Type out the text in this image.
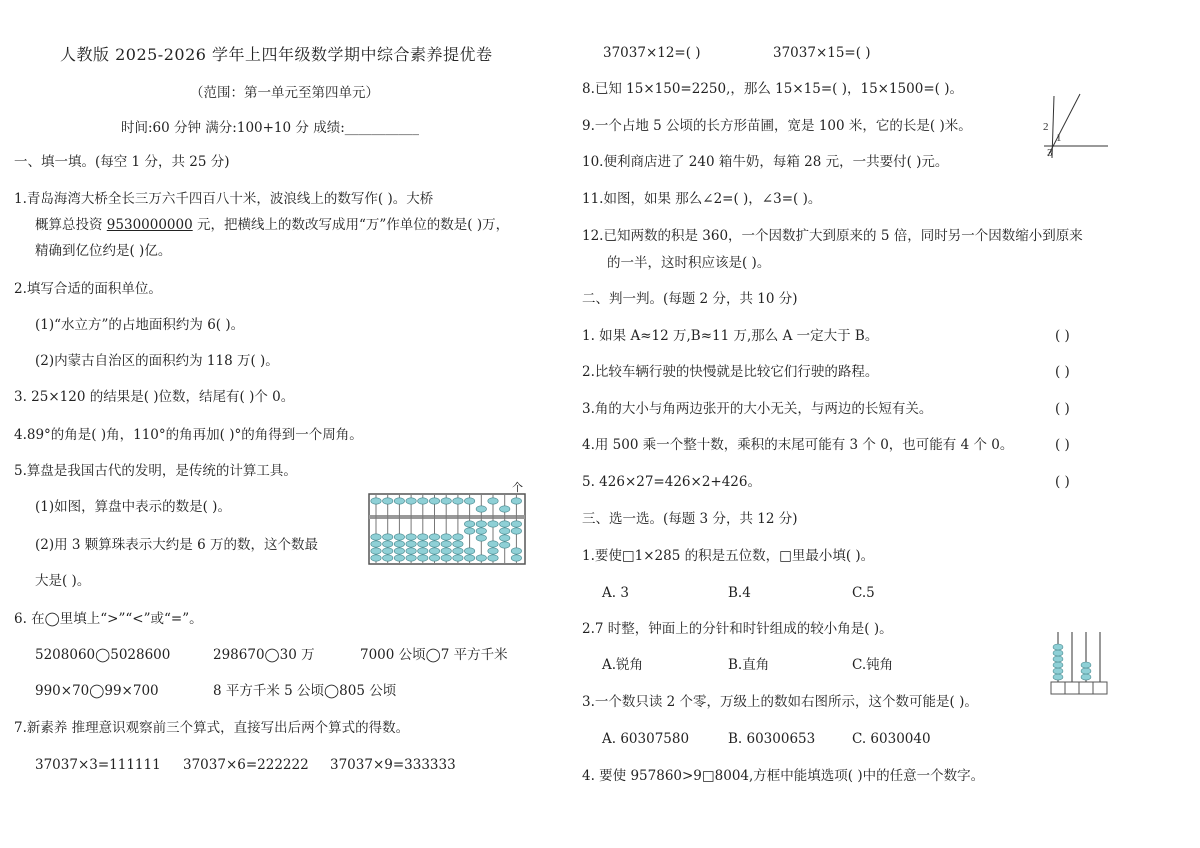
人教版 2025-2026 学年上四年级数学期中综合素养提优卷
（范围：第一单元至第四单元）
时间:60 分钟 满分:100+10 分 成绩:___________
一、填一填。(每空 1 分，共 25 分)
1.青岛海湾大桥全长三万六千四百八十米，波浪线上的数写作( )。大桥
概算总投资 9530000000 元，把横线上的数改写成用“万”作单位的数是( )万，
精确到亿位约是( )亿。
2.填写合适的面积单位。
(1)“水立方”的占地面积约为 6( )。
(2)内蒙古自治区的面积约为 118 万( )。
3. 25×120 的结果是( )位数，结尾有( )个 0。
4.89°的角是( )角，110°的角再加( )°的角得到一个周角。
5.算盘是我国古代的发明，是传统的计算工具。
(1)如图，算盘中表示的数是( )。
(2)用 3 颗算珠表示大约是 6 万的数，这个数最
大是( )。
个
6. 在◯里填上“>”“<”或“=”。
5208060◯5028600	298670◯30 万	7000 公顷◯7 平方千米
990×70◯99×700	8 平方千米 5 公顷◯805 公顷
7.新素养 推理意识观察前三个算式，直接写出后两个算式的得数。
37037×3=111111 37037×6=222222 37037×9=333333
37037×12=( )	37037×15=( )
8.已知 15×150=2250,，那么 15×15=( )，15×1500=( )。
9.一个占地 5 公顷的长方形苗圃，宽是 100 米，它的长是( )米。
10.便利商店进了 240 箱牛奶，每箱 28 元，一共要付( )元。
11.如图，如果 那么∠2=( )，∠3=( )。
2
1
3
12.已知两数的积是 360，一个因数扩大到原来的 5 倍，同时另一个因数缩小到原来
的一半，这时积应该是( )。
二、判一判。(每题 2 分，共 10 分)
1. 如果 A≈12 万,B≈11 万,那么 A 一定大于 B。	( )
2.比较车辆行驶的快慢就是比较它们行驶的路程。	( )
3.角的大小与角两边张开的大小无关，与两边的长短有关。	( )
4.用 500 乘一个整十数，乘积的末尾可能有 3 个 0，也可能有 4 个 0。	( )
5. 426×27=426×2+426。	( )
三、选一选。(每题 3 分，共 12 分)
1.要使□1×285 的积是五位数，□里最小填( )。
A. 3	B.4	C.5
2.7 时整，钟面上的分针和时针组成的较小角是( )。
A.锐角	B.直角	C.钝角
3.一个数只读 2 个零，万级上的数如右图所示，这个数可能是( )。
A. 60307580	B. 60300653	C. 6030040
4. 要使 957860>9□8004,方框中能填选项( )中的任意一个数字。
